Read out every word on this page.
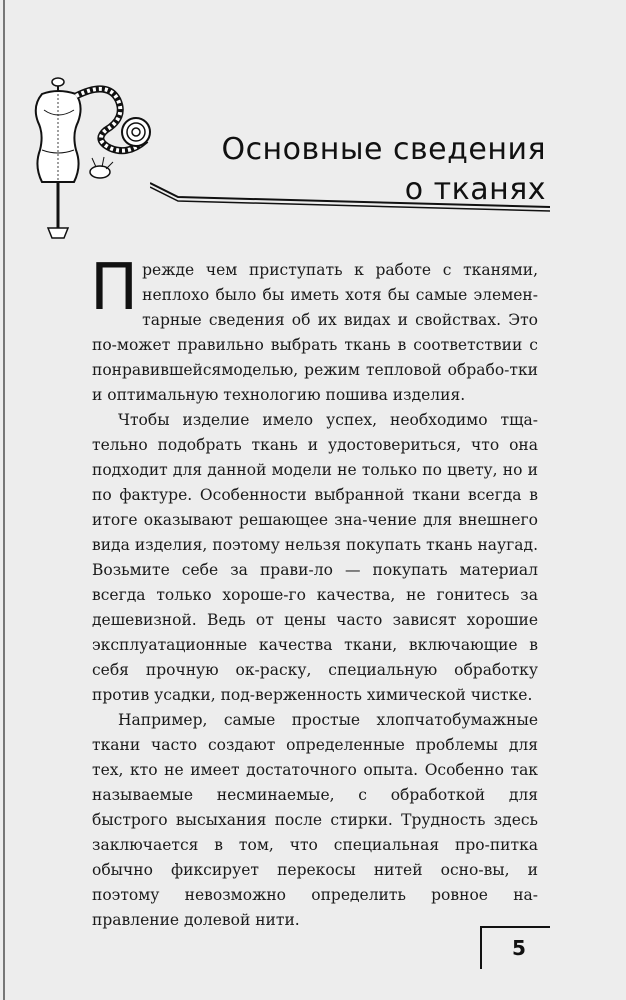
Основные сведения
о тканях

Прежде чем приступать к работе с тканями, неплохо было бы иметь хотя бы самые элемен-тарные сведения об их видах и свойствах. Это по-может правильно выбрать ткань в соответствии с понравившейсямоделью, режим тепловой обрабо-тки и оптимальную технологию пошива изделия.

Чтобы изделие имело успех, необходимо тща-тельно подобрать ткань и удостовериться, что она подходит для данной модели не только по цвету, но и по фактуре. Особенности выбранной ткани всегда в итоге оказывают решающее зна-чение для внешнего вида изделия, поэтому нельзя покупать ткань наугад. Возьмите себе за прави-ло — покупать материал всегда только хороше-го качества, не гонитесь за дешевизной. Ведь от цены часто зависят хорошие эксплуатационные качества ткани, включающие в себя прочную ок-раску, специальную обработку против усадки, под-верженность химической чистке.

Например, самые простые хлопчатобумажные ткани часто создают определенные проблемы для тех, кто не имеет достаточного опыта. Особенно так называемые несминаемые, с обработкой для быстрого высыхания после стирки. Трудность здесь заключается в том, что специальная про-питка обычно фиксирует перекосы нитей осно-вы, и поэтому невозможно определить ровное на-правление долевой нити.

5
